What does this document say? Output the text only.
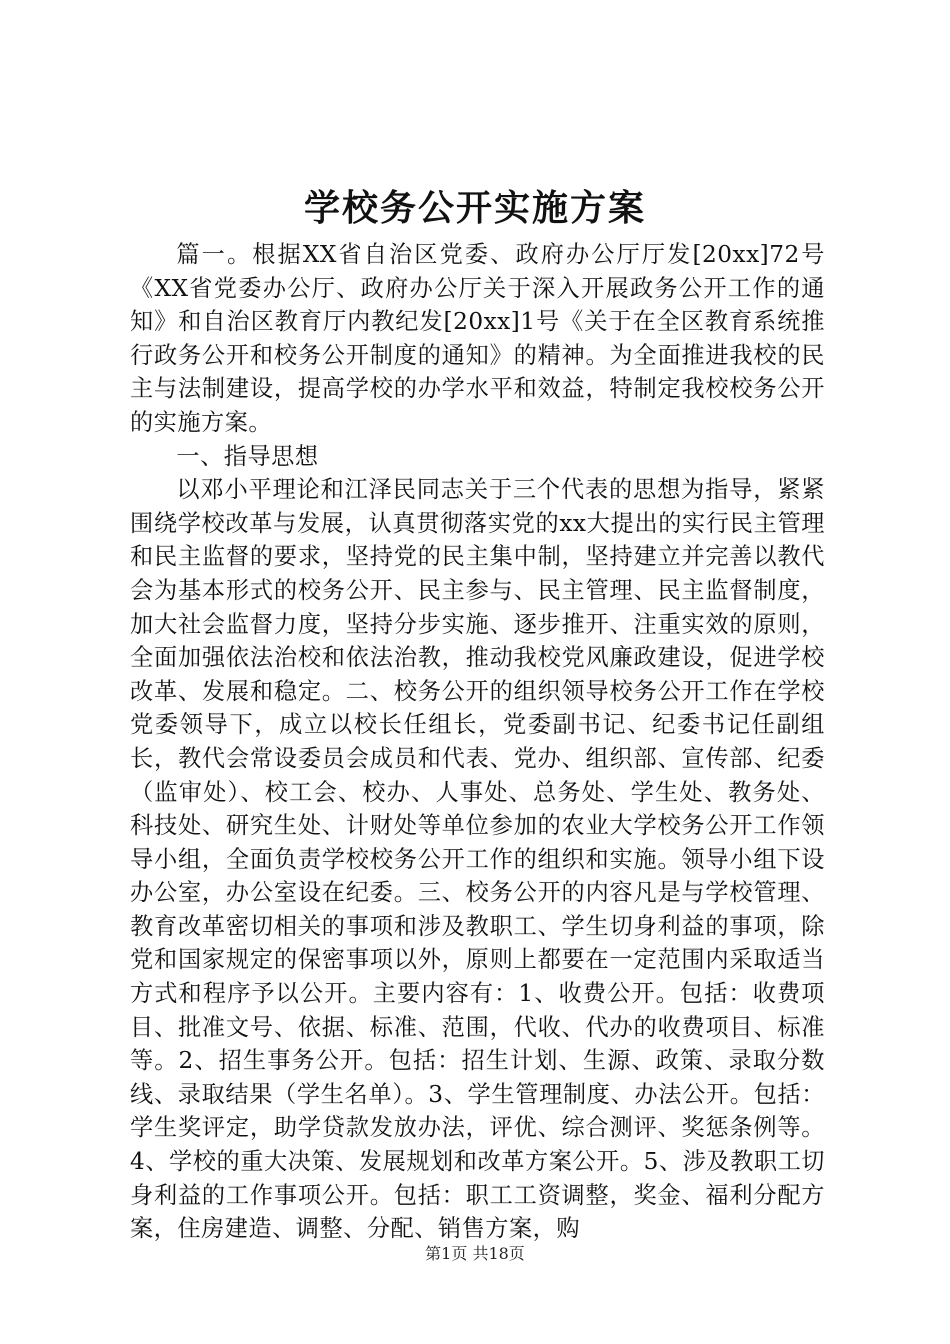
学校务公开实施方案

篇一。根据XX省自治区党委、政府办公厅厅发[20xx]72号《XX省党委办公厅、政府办公厅关于深入开展政务公开工作的通知》和自治区教育厅内教纪发[20xx]1号《关于在全区教育系统推行政务公开和校务公开制度的通知》的精神。为全面推进我校的民主与法制建设，提高学校的办学水平和效益，特制定我校校务公开的实施方案。

一、指导思想

以邓小平理论和江泽民同志关于三个代表的思想为指导，紧紧围绕学校改革与发展，认真贯彻落实党的xx大提出的实行民主管理和民主监督的要求，坚持党的民主集中制，坚持建立并完善以教代会为基本形式的校务公开、民主参与、民主管理、民主监督制度，加大社会监督力度，坚持分步实施、逐步推开、注重实效的原则，全面加强依法治校和依法治教，推动我校党风廉政建设，促进学校改革、发展和稳定。二、校务公开的组织领导校务公开工作在学校党委领导下，成立以校长任组长，党委副书记、纪委书记任副组长，教代会常设委员会成员和代表、党办、组织部、宣传部、纪委（监审处）、校工会、校办、人事处、总务处、学生处、教务处、科技处、研究生处、计财处等单位参加的农业大学校务公开工作领导小组，全面负责学校校务公开工作的组织和实施。领导小组下设办公室，办公室设在纪委。三、校务公开的内容凡是与学校管理、教育改革密切相关的事项和涉及教职工、学生切身利益的事项，除党和国家规定的保密事项以外，原则上都要在一定范围内采取适当方式和程序予以公开。主要内容有：1、收费公开。包括：收费项目、批准文号、依据、标准、范围，代收、代办的收费项目、标准等。2、招生事务公开。包括：招生计划、生源、政策、录取分数线、录取结果（学生名单）。3、学生管理制度、办法公开。包括：学生奖评定，助学贷款发放办法，评优、综合测评、奖惩条例等。4、学校的重大决策、发展规划和改革方案公开。5、涉及教职工切身利益的工作事项公开。包括：职工工资调整，奖金、福利分配方案，住房建造、调整、分配、销售方案，购

第1页 共18页
